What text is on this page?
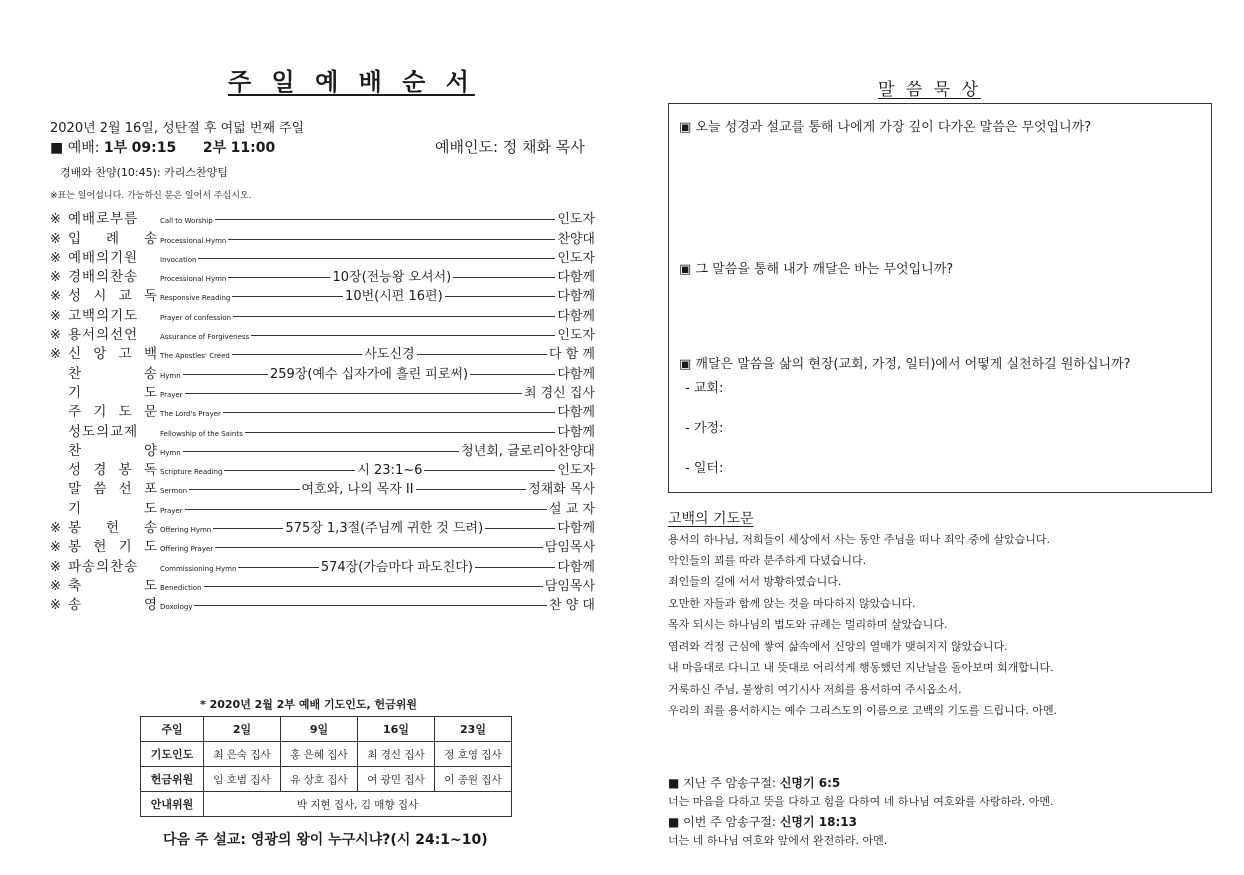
주 일 예 배 순 서
2020년 2월 16일, 성탄절 후 여덟 번째 주일
■ 예배: 1부 09:15 2부 11:00	예배인도: 정 채화 목사
경배와 찬양(10:45): 카리스찬양팀
※표는 일어섭니다. 가능하신 분은 일어서 주십시오.
※ 예배로부름	Call to Worship	인도자
※ 입 례 송 Processional Hymn	찬양대
※ 예배의기원	Invocation	인도자
※ 경배의찬송	Processional Hymn	10장(전능왕 오셔서)	다함께
※ 성 시 교 독 Responsive Reading	10번(시편 16편)	다함께
※ 고백의기도	Prayer of confession	다함께
※ 용서의선언	Assurance of Forgiveness	인도자
※ 신 앙 고 백 The Apostles' Creed	사도신경	다 함 께
찬 송 Hymn	259장(예수 십자가에 흘린 피로써)	다함께
기 도 Prayer	최 경신 집사
주 기 도 문 The Lord's Prayer	다함께
성도의교제	Fellowship of the Saints	다함께
찬 양 Hymn	청년회, 글로리아찬양대
성 경 봉 독 Scripture Reading	시 23:1~6	인도자
말 씀 선 포 Sermon	여호와, 나의 목자 II	정채화 목사
기 도 Prayer	설 교 자
※ 봉 헌 송 Offering Hymn	575장 1,3절(주님께 귀한 것 드려)	다함께
※ 봉 헌 기 도 Offering Prayer	담임목사
※ 파송의찬송	Commissioning Hymn	574장(가슴마다 파도친다)	다함께
※ 축 도 Benediction	담임목사
※ 송 영 Doxology	찬 양 대
* 2020년 2월 2부 예배 기도인도, 헌금위원
주일	2일	9일	16일	23일
기도인도	최 은숙 집사	홍 은혜 집사	최 경신 집사	정 호영 집사
헌금위원	임 호범 집사	유 상호 집사	여 광민 집사	이 종원 집사
안내위원	박 지현 집사, 김 매향 집사			
다음 주 설교: 영광의 왕이 누구시냐?(시 24:1~10)
말 씀 묵 상
▣ 오늘 성경과 설교를 통해 나에게 가장 깊이 다가온 말씀은 무엇입니까?
▣ 그 말씀을 통해 내가 깨달은 바는 무엇입니까?
▣ 깨달은 말씀을 삶의 현장(교회, 가정, 일터)에서 어떻게 실천하길 원하십니까?
- 교회:
- 가정:
- 일터:
고백의 기도문
용서의 하나님, 저희들이 세상에서 사는 동안 주님을 떠나 죄악 중에 살았습니다.
악인들의 꾀를 따라 분주하게 다녔습니다.
죄인들의 길에 서서 방황하였습니다.
오만한 자들과 함께 앉는 것을 마다하지 않았습니다.
목자 되시는 하나님의 법도와 규례는 멀리하며 살았습니다.
염려와 걱정 근심에 쌓여 삶속에서 신앙의 열매가 맺혀지지 않았습니다.
내 마음대로 다니고 내 뜻대로 어리석게 행동했던 지난날을 돌아보며 회개합니다.
거룩하신 주님, 불쌍히 여기시사 저희를 용서하여 주시옵소서.
우리의 죄를 용서하시는 예수 그리스도의 이름으로 고백의 기도를 드립니다. 아멘.
■ 지난 주 암송구절: 신명기 6:5
너는 마음을 다하고 뜻을 다하고 힘을 다하여 네 하나님 여호와를 사랑하라. 아멘.
■ 이번 주 암송구절: 신명기 18:13
너는 네 하나님 여호와 앞에서 완전하라. 아멘.
